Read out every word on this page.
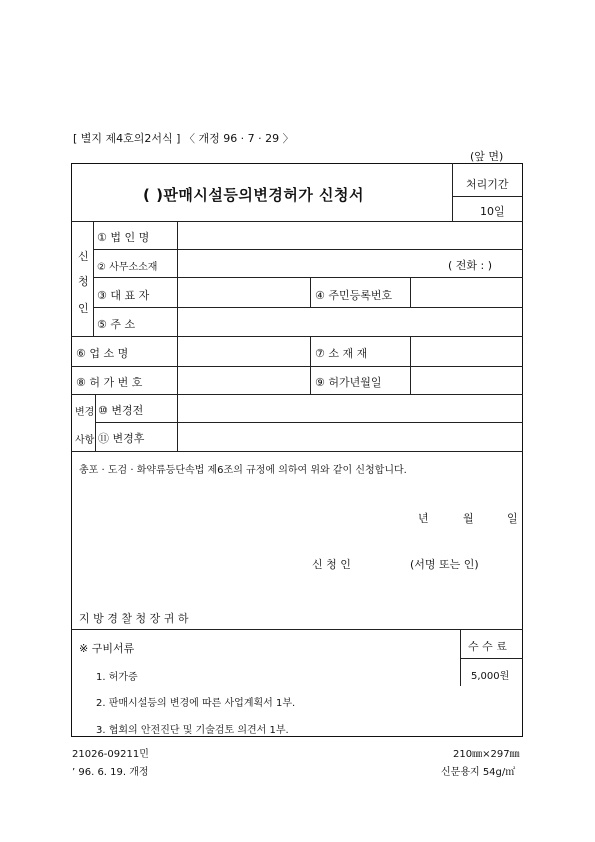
[ 별지 제4호의2서식 ] 〈 개정 96 · 7 · 29 〉
(앞 면)
( )판매시설등의변경허가 신청서
처리기간
10일
신
청
인
① 법 인 명
② 사무소소재	( 전화 : )
③ 대 표 자	④ 주민등록번호
⑤ 주 소
⑥ 업 소 명	⑦ 소 재 재
⑧ 허 가 번 호	⑨ 허가년월일
변경
사항
⑩ 변경전
⑪ 변경후
총포 · 도검 · 화약류등단속법 제6조의 규정에 의하여 위와 같이 신청합니다.
년	월	일
신 청 인	(서명 또는 인)
지 방 경 찰 청 장 귀 하
※ 구비서류
1. 허가증
2. 판매시설등의 변경에 따른 사업계획서 1부.
3. 협회의 안전진단 및 기술검토 의견서 1부.
수 수 료
5,000원
21026-09211민
’ 96. 6. 19. 개정
210㎜×297㎜
신문용지 54g/㎡
